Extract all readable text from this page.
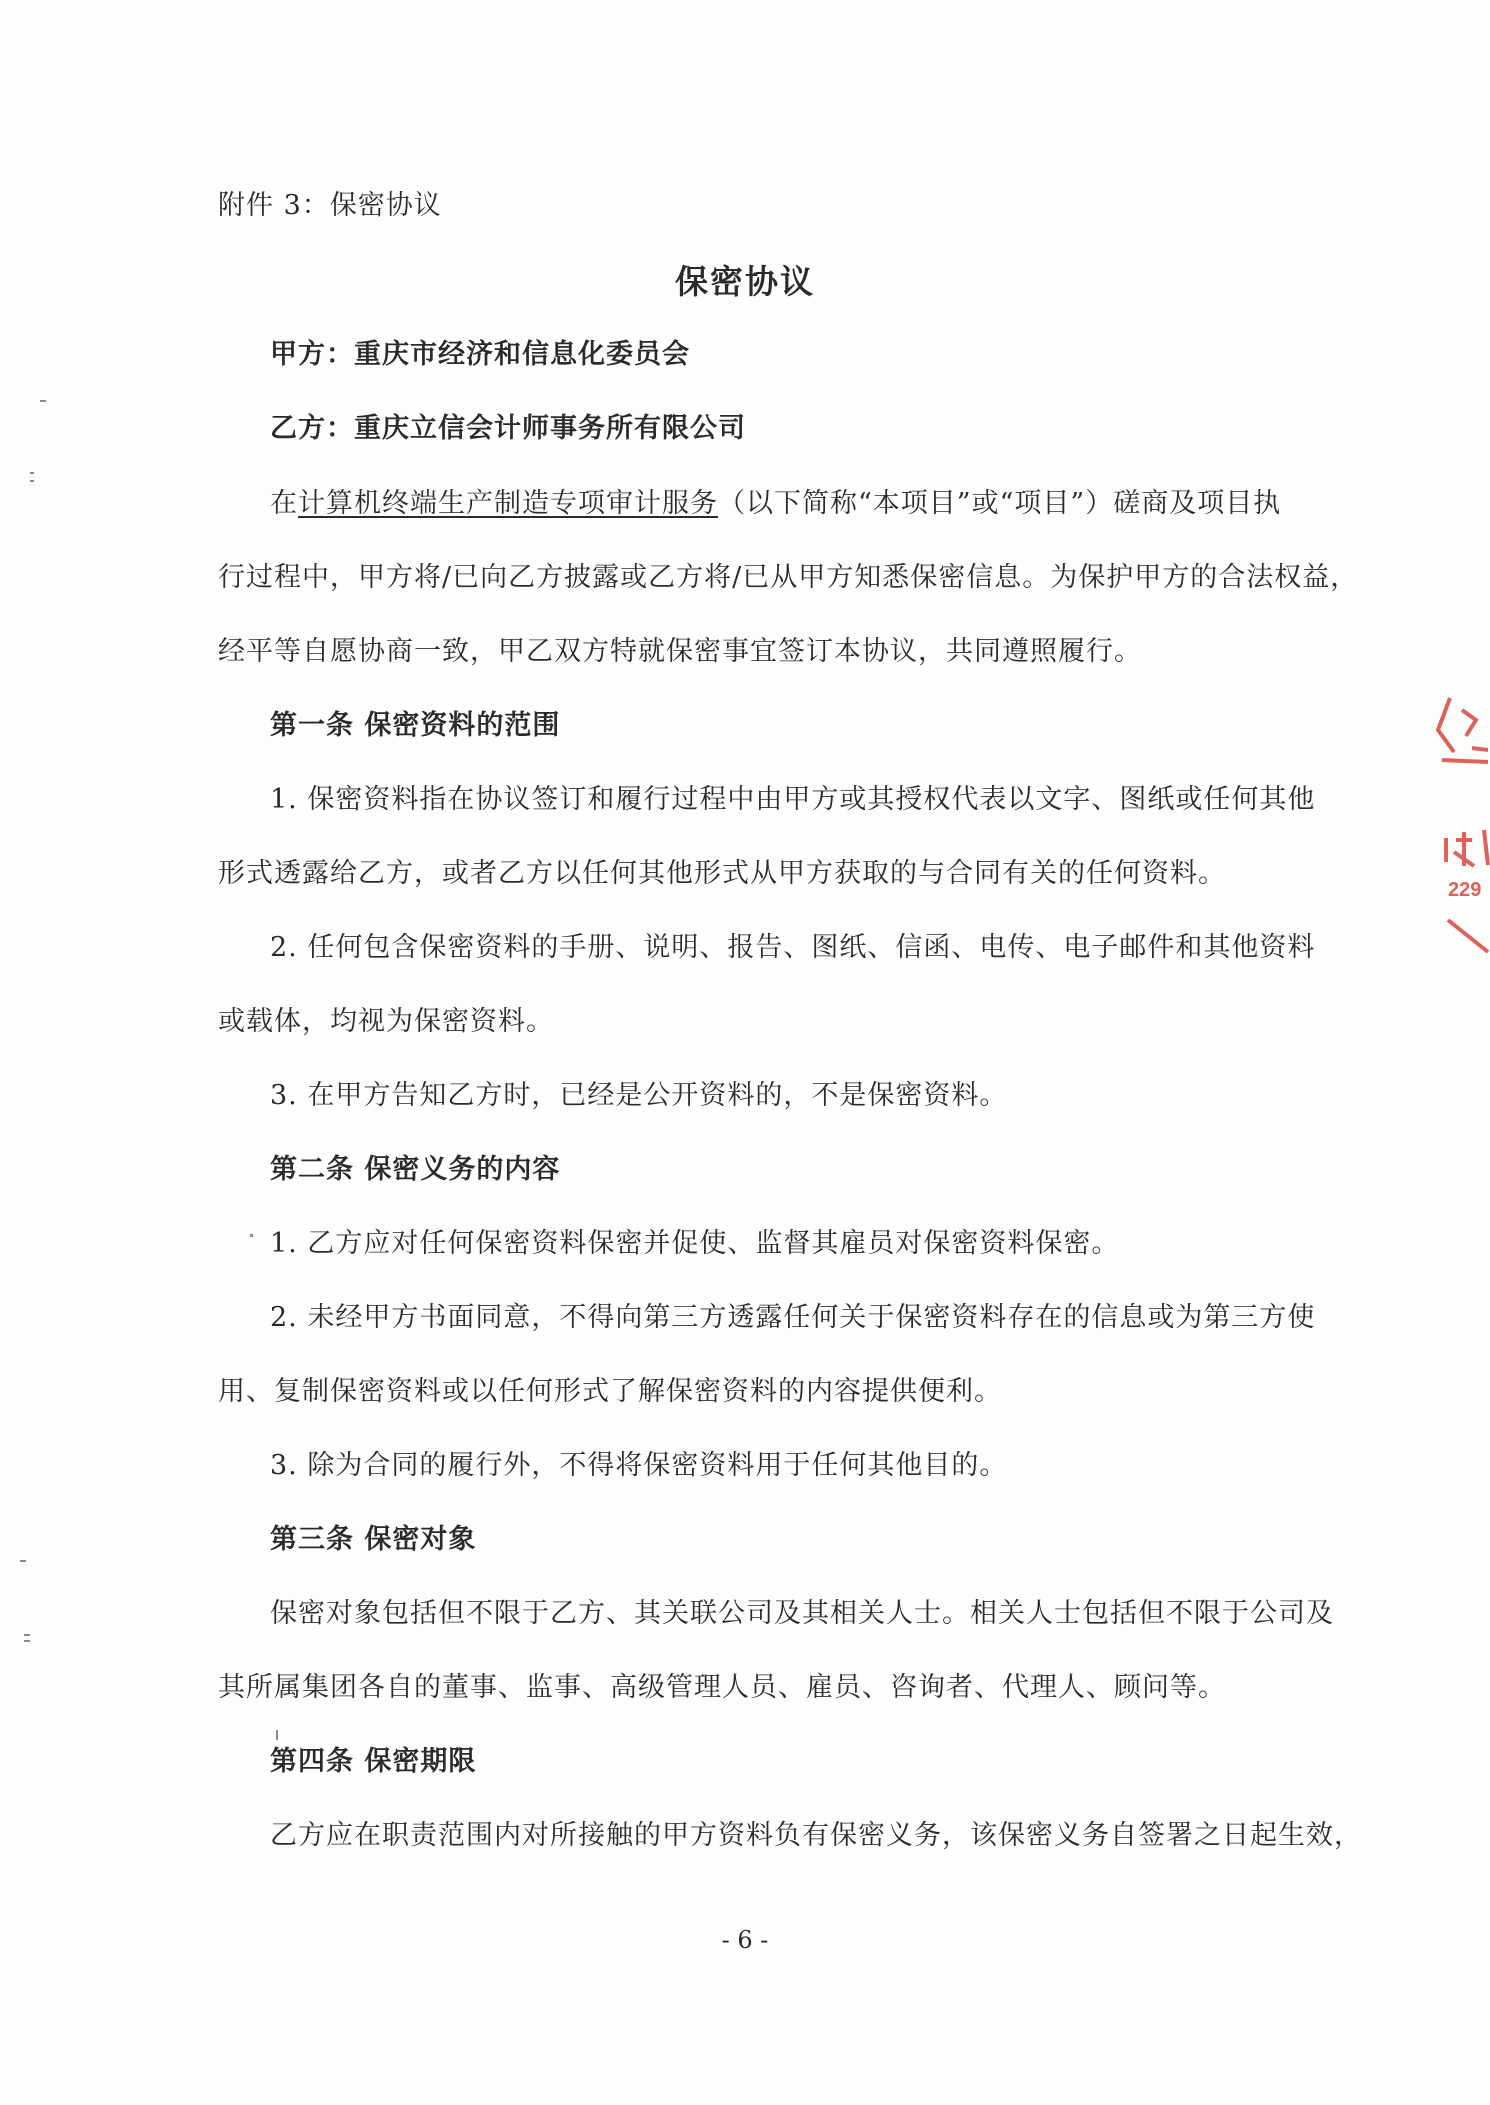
附件 3：保密协议
保密协议
甲方：重庆市经济和信息化委员会
乙方：重庆立信会计师事务所有限公司
在计算机终端生产制造专项审计服务（以下简称“本项目”或“项目”）磋商及项目执
行过程中，甲方将/已向乙方披露或乙方将/已从甲方知悉保密信息。为保护甲方的合法权益，
经平等自愿协商一致，甲乙双方特就保密事宜签订本协议，共同遵照履行。
第一条 保密资料的范围
1. 保密资料指在协议签订和履行过程中由甲方或其授权代表以文字、图纸或任何其他
形式透露给乙方，或者乙方以任何其他形式从甲方获取的与合同有关的任何资料。
2. 任何包含保密资料的手册、说明、报告、图纸、信函、电传、电子邮件和其他资料
或载体，均视为保密资料。
3. 在甲方告知乙方时，已经是公开资料的，不是保密资料。
第二条 保密义务的内容
1. 乙方应对任何保密资料保密并促使、监督其雇员对保密资料保密。
2. 未经甲方书面同意，不得向第三方透露任何关于保密资料存在的信息或为第三方使
用、复制保密资料或以任何形式了解保密资料的内容提供便利。
3. 除为合同的履行外，不得将保密资料用于任何其他目的。
第三条 保密对象
保密对象包括但不限于乙方、其关联公司及其相关人士。相关人士包括但不限于公司及
其所属集团各自的董事、监事、高级管理人员、雇员、咨询者、代理人、顾问等。
第四条 保密期限
乙方应在职责范围内对所接触的甲方资料负有保密义务，该保密义务自签署之日起生效，
- 6 -
229
